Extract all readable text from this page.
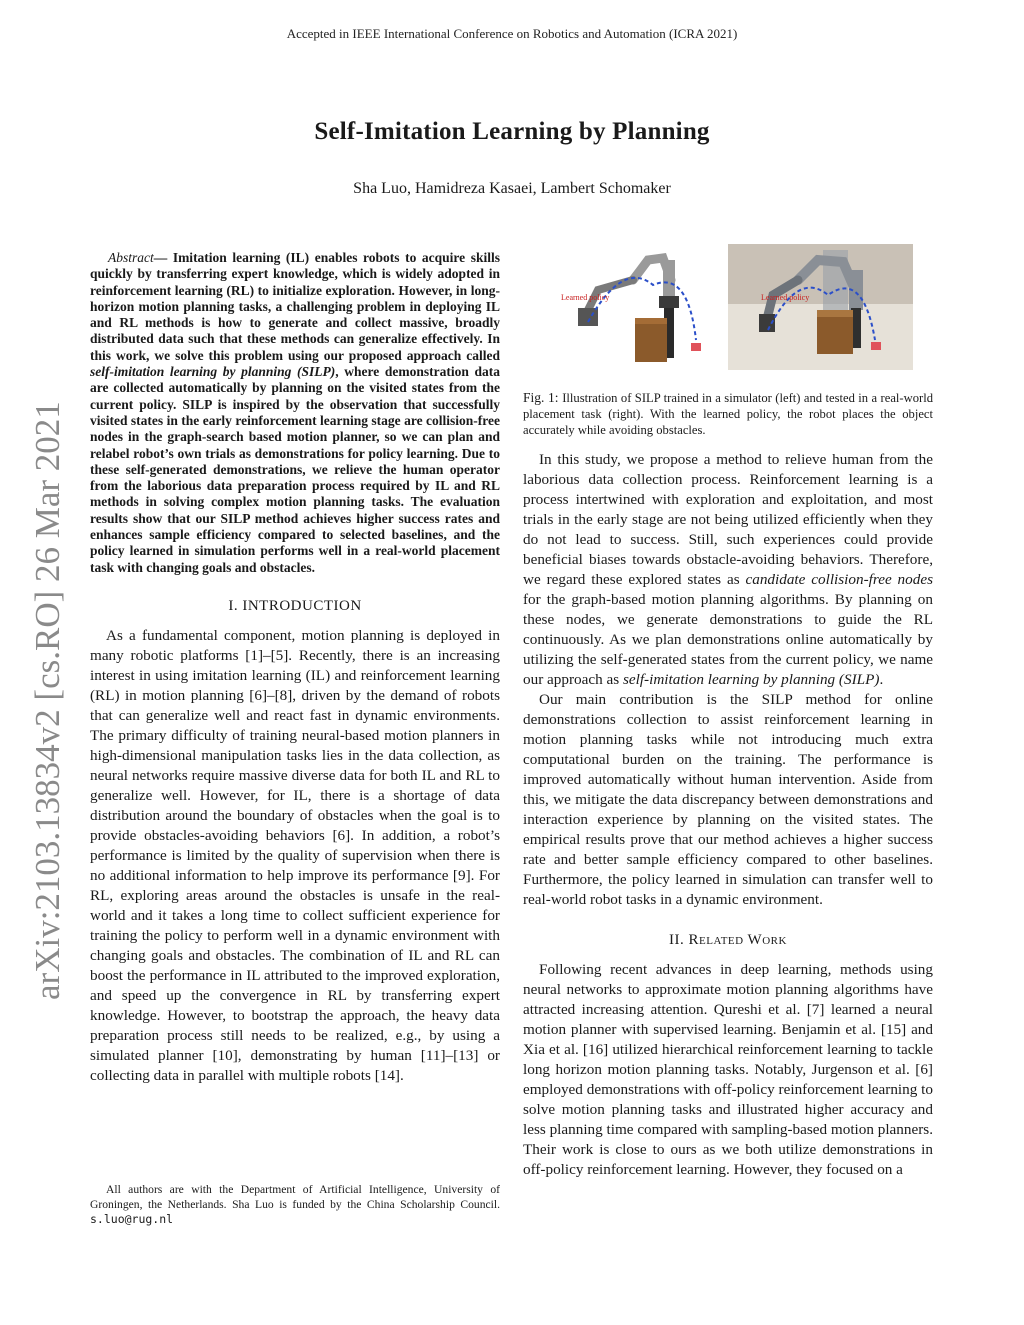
Accepted in IEEE International Conference on Robotics and Automation (ICRA 2021)
Self-Imitation Learning by Planning
Sha Luo, Hamidreza Kasaei, Lambert Schomaker
arXiv:2103.13834v2 [cs.RO] 26 Mar 2021

Abstract— Imitation learning (IL) enables robots to acquire skills quickly by transferring expert knowledge, which is widely adopted in reinforcement learning (RL) to initialize exploration. However, in long-horizon motion planning tasks, a challenging problem in deploying IL and RL methods is how to generate and collect massive, broadly distributed data such that these methods can generalize effectively. In this work, we solve this problem using our proposed approach called self-imitation learning by planning (SILP), where demonstration data are collected automatically by planning on the visited states from the current policy. SILP is inspired by the observation that successfully visited states in the early reinforcement learning stage are collision-free nodes in the graph-search based motion planner, so we can plan and relabel robot’s own trials as demonstrations for policy learning. Due to these self-generated demonstrations, we relieve the human operator from the laborious data preparation process required by IL and RL methods in solving complex motion planning tasks. The evaluation results show that our SILP method achieves higher success rates and enhances sample efficiency compared to selected baselines, and the policy learned in simulation performs well in a real-world placement task with changing goals and obstacles.

I. INTRODUCTION

As a fundamental component, motion planning is deployed in many robotic platforms [1]–[5]. Recently, there is an increasing interest in using imitation learning (IL) and reinforcement learning (RL) in motion planning [6]–[8], driven by the demand of robots that can generalize well and react fast in dynamic environments. The primary difficulty of training neural-based motion planners in high-dimensional manipulation tasks lies in the data collection, as neural networks require massive diverse data for both IL and RL to generalize well. However, for IL, there is a shortage of data distribution around the boundary of obstacles when the goal is to provide obstacles-avoiding behaviors [6]. In addition, a robot’s performance is limited by the quality of supervision when there is no additional information to help improve its performance [9]. For RL, exploring areas around the obstacles is unsafe in the real-world and it takes a long time to collect sufficient experience for training the policy to perform well in a dynamic environment with changing goals and obstacles. The combination of IL and RL can boost the performance in IL attributed to the improved exploration, and speed up the convergence in RL by transferring expert knowledge. However, to bootstrap the approach, the heavy data preparation process still needs to be realized, e.g., by using a simulated planner [10], demonstrating by human [11]–[13] or collecting data in parallel with multiple robots [14].

All authors are with the Department of Artificial Intelligence, University of Groningen, the Netherlands. Sha Luo is funded by the China Scholarship Council. s.luo@rug.nl
Learned policy	Learned policy
Fig. 1: Illustration of SILP trained in a simulator (left) and tested in a real-world placement task (right). With the learned policy, the robot places the object accurately while avoiding obstacles.

In this study, we propose a method to relieve human from the laborious data collection process. Reinforcement learning is a process intertwined with exploration and exploitation, and most trials in the early stage are not being utilized efficiently when they do not lead to success. Still, such experiences could provide beneficial biases towards obstacle-avoiding behaviors. Therefore, we regard these explored states as candidate collision-free nodes for the graph-based motion planning algorithms. By planning on these nodes, we generate demonstrations to guide the RL continuously. As we plan demonstrations online automatically by utilizing the self-generated states from the current policy, we name our approach as self-imitation learning by planning (SILP).

Our main contribution is the SILP method for online demonstrations collection to assist reinforcement learning in motion planning tasks while not introducing much extra computational burden on the training. The performance is improved automatically without human intervention. Aside from this, we mitigate the data discrepancy between demonstrations and interaction experience by planning on the visited states. The empirical results prove that our method achieves a higher success rate and better sample efficiency compared to other baselines. Furthermore, the policy learned in simulation can transfer well to real-world robot tasks in a dynamic environment.

II. Related Work

Following recent advances in deep learning, methods using neural networks to approximate motion planning algorithms have attracted increasing attention. Qureshi et al. [7] learned a neural motion planner with supervised learning. Benjamin et al. [15] and Xia et al. [16] utilized hierarchical reinforcement learning to tackle long horizon motion planning tasks. Notably, Jurgenson et al. [6] employed demonstrations with off-policy reinforcement learning to solve motion planning tasks and illustrated higher accuracy and less planning time compared with sampling-based motion planners. Their work is close to ours as we both utilize demonstrations in off-policy reinforcement learning. However, they focused on a
